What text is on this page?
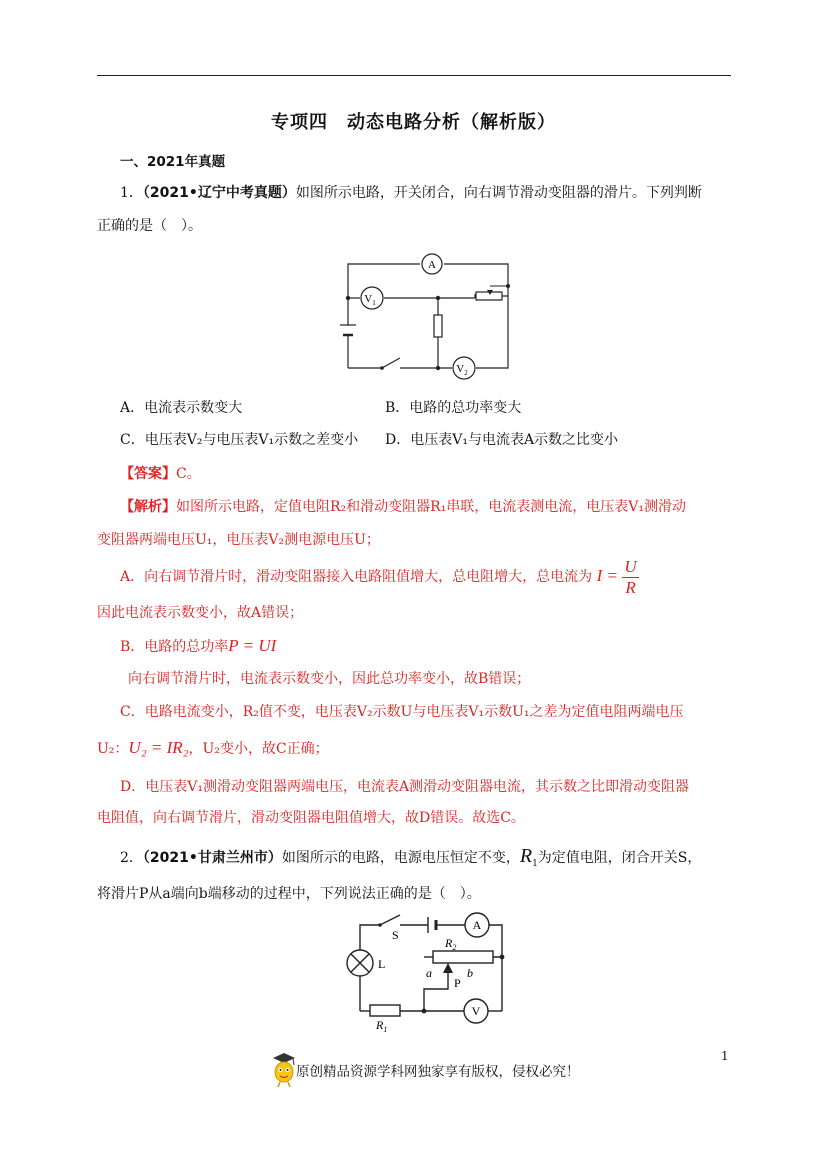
专项四　动态电路分析（解析版）
一、2021年真题
1．（2021•辽宁中考真题）如图所示电路，开关闭合，向右调节滑动变阻器的滑片。下列判断
正确的是（　）。
A
$V_1$
$V_2$
A．电流表示数变大	B．电路的总功率变大
C．电压表V₂与电压表V₁示数之差变小	D．电压表V₁与电流表A示数之比变小
【答案】C。
【解析】如图所示电路，定值电阻R₂和滑动变阻器R₁串联，电流表测电流，电压表V₁测滑动
变阻器两端电压U₁，电压表V₂测电源电压U；
A．向右调节滑片时，滑动变阻器接入电路阻值增大，总电阻增大，总电流为 $I = \frac{U}{R}$
因此电流表示数变小，故A错误；
B．电路的总功率P = UI
向右调节滑片时，电流表示数变小，因此总功率变小，故B错误；
C．电路电流变小，R₂值不变，电压表V₂示数U与电压表V₁示数U₁之差为定值电阻两端电压
U₂：U₂ = IR₂，U₂变小，故C正确；
D．电压表V₁测滑动变阻器两端电压，电流表A测滑动变阻器电流，其示数之比即滑动变阻器
电阻值，向右调节滑片，滑动变阻器电阻值增大，故D错误。故选C。
2．（2021•甘肃兰州市）如图所示的电路，电源电压恒定不变，$R_1$为定值电阻，闭合开关S，
将滑片P从a端向b端移动的过程中，下列说法正确的是（　）。
S
A
L
$R_2$
a	b
P
V
$R_1$
1
原创精品资源学科网独家享有版权，侵权必究！
